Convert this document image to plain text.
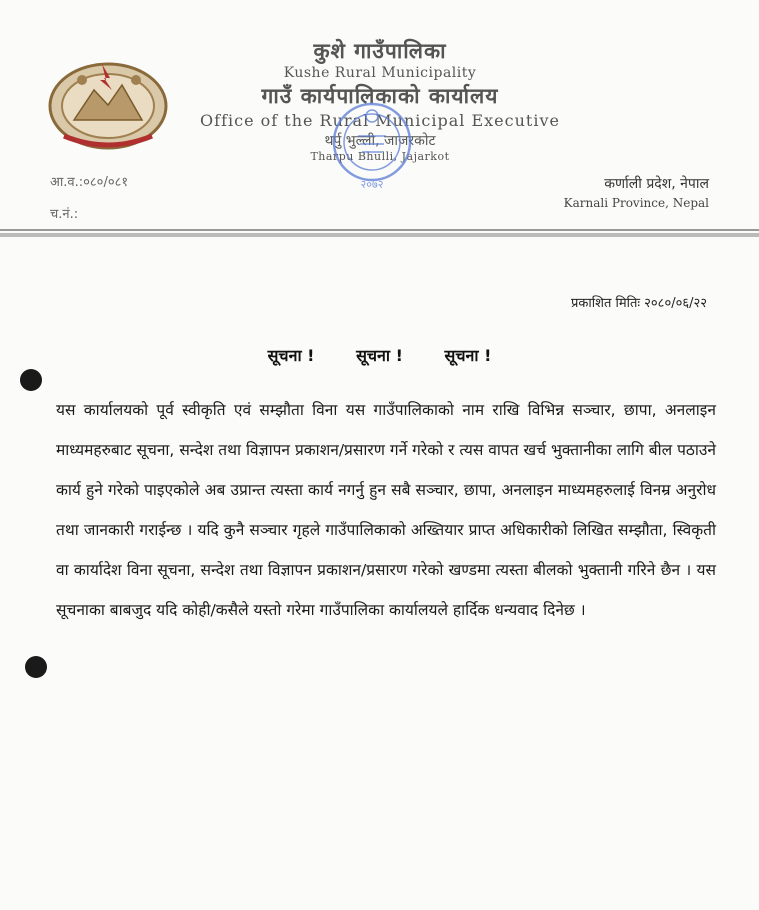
कुशे गाउँपालिका
Kushe Rural Municipality
गाउँ कार्यपालिकाको कार्यालय
Office of the Rural Municipal Executive
थर्पु भुल्ली, जाजरकोट
Tharpu Bhulli, Jajarkot
२०७२
आ.व.:०८०/०८१
च.नं.:
कर्णाली प्रदेश, नेपाल
Karnali Province, Nepal
प्रकाशित मितिः २०८०/०६/२२
सूचना !	सूचना !	सूचना !
यस कार्यालयको पूर्व स्वीकृति एवं सम्झौता विना यस गाउँपालिकाको नाम राखि विभिन्न सञ्चार, छापा, अनलाइन माध्यमहरुबाट सूचना, सन्देश तथा विज्ञापन प्रकाशन/प्रसारण गर्ने गरेको र त्यस वापत खर्च भुक्तानीका लागि बील पठाउने कार्य हुने गरेको पाइएकोले अब उप्रान्त त्यस्ता कार्य नगर्नु हुन सबै सञ्चार, छापा, अनलाइन माध्यमहरुलाई विनम्र अनुरोध तथा जानकारी गराईन्छ । यदि कुनै सञ्चार गृहले गाउँपालिकाको अख्तियार प्राप्त अधिकारीको लिखित सम्झौता, स्विकृती वा कार्यादेश विना सूचना, सन्देश तथा विज्ञापन प्रकाशन/प्रसारण गरेको खण्डमा त्यस्ता बीलको भुक्तानी गरिने छैन । यस सूचनाका बाबजुद यदि कोही/कसैले यस्तो गरेमा गाउँपालिका कार्यालयले हार्दिक धन्यवाद दिनेछ ।
